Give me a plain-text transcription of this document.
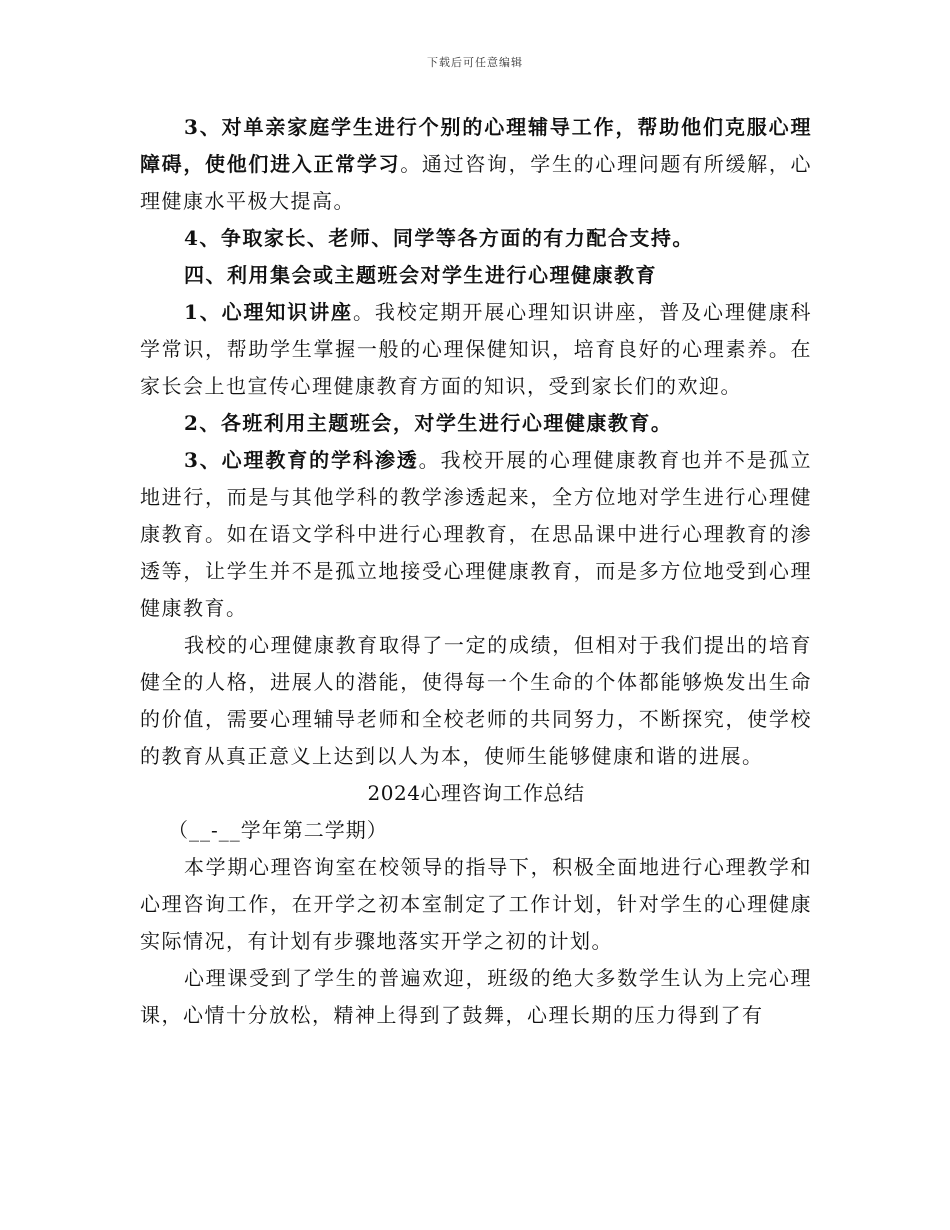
下载后可任意编辑

3、对单亲家庭学生进行个别的心理辅导工作，帮助他们克服心理障碍，使他们进入正常学习。通过咨询，学生的心理问题有所缓解，心理健康水平极大提高。

4、争取家长、老师、同学等各方面的有力配合支持。

四、利用集会或主题班会对学生进行心理健康教育

1、心理知识讲座。我校定期开展心理知识讲座，普及心理健康科学常识，帮助学生掌握一般的心理保健知识，培育良好的心理素养。在家长会上也宣传心理健康教育方面的知识，受到家长们的欢迎。

2、各班利用主题班会，对学生进行心理健康教育。

3、心理教育的学科渗透。我校开展的心理健康教育也并不是孤立地进行，而是与其他学科的教学渗透起来，全方位地对学生进行心理健康教育。如在语文学科中进行心理教育，在思品课中进行心理教育的渗透等，让学生并不是孤立地接受心理健康教育，而是多方位地受到心理健康教育。

我校的心理健康教育取得了一定的成绩，但相对于我们提出的培育健全的人格，进展人的潜能，使得每一个生命的个体都能够焕发出生命的价值，需要心理辅导老师和全校老师的共同努力，不断探究，使学校的教育从真正意义上达到以人为本，使师生能够健康和谐的进展。

2024心理咨询工作总结

（__-__学年第二学期）

本学期心理咨询室在校领导的指导下，积极全面地进行心理教学和心理咨询工作，在开学之初本室制定了工作计划，针对学生的心理健康实际情况，有计划有步骤地落实开学之初的计划。

心理课受到了学生的普遍欢迎，班级的绝大多数学生认为上完心理课，心情十分放松，精神上得到了鼓舞，心理长期的压力得到了有
